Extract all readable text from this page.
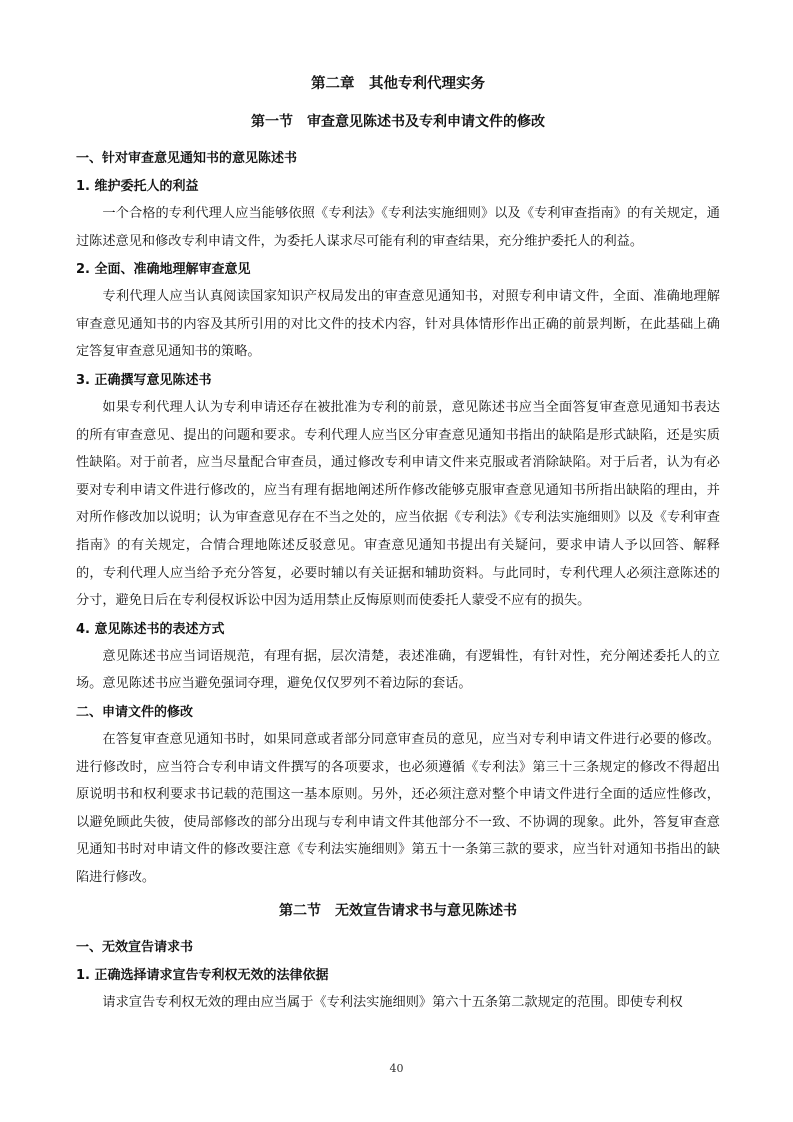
第二章　其他专利代理实务
第一节　审查意见陈述书及专利申请文件的修改
一、针对审查意见通知书的意见陈述书
1. 维护委托人的利益

一个合格的专利代理人应当能够依照《专利法》《专利法实施细则》以及《专利审查指南》的有关规定，通过陈述意见和修改专利申请文件，为委托人谋求尽可能有利的审查结果，充分维护委托人的利益。

2. 全面、准确地理解审查意见

专利代理人应当认真阅读国家知识产权局发出的审查意见通知书，对照专利申请文件，全面、准确地理解审查意见通知书的内容及其所引用的对比文件的技术内容，针对具体情形作出正确的前景判断，在此基础上确定答复审查意见通知书的策略。

3. 正确撰写意见陈述书

如果专利代理人认为专利申请还存在被批准为专利的前景，意见陈述书应当全面答复审查意见通知书表达的所有审查意见、提出的问题和要求。专利代理人应当区分审查意见通知书指出的缺陷是形式缺陷，还是实质性缺陷。对于前者，应当尽量配合审查员，通过修改专利申请文件来克服或者消除缺陷。对于后者，认为有必要对专利申请文件进行修改的，应当有理有据地阐述所作修改能够克服审查意见通知书所指出缺陷的理由，并对所作修改加以说明；认为审查意见存在不当之处的，应当依据《专利法》《专利法实施细则》以及《专利审查指南》的有关规定，合情合理地陈述反驳意见。审查意见通知书提出有关疑问，要求申请人予以回答、解释的，专利代理人应当给予充分答复，必要时辅以有关证据和辅助资料。与此同时，专利代理人必须注意陈述的分寸，避免日后在专利侵权诉讼中因为适用禁止反悔原则而使委托人蒙受不应有的损失。

4. 意见陈述书的表述方式

意见陈述书应当词语规范，有理有据，层次清楚，表述准确，有逻辑性，有针对性，充分阐述委托人的立场。意见陈述书应当避免强词夺理，避免仅仅罗列不着边际的套话。

二、申请文件的修改

在答复审查意见通知书时，如果同意或者部分同意审查员的意见，应当对专利申请文件进行必要的修改。进行修改时，应当符合专利申请文件撰写的各项要求，也必须遵循《专利法》第三十三条规定的修改不得超出原说明书和权利要求书记载的范围这一基本原则。另外，还必须注意对整个申请文件进行全面的适应性修改，以避免顾此失彼，使局部修改的部分出现与专利申请文件其他部分不一致、不协调的现象。此外，答复审查意见通知书时对申请文件的修改要注意《专利法实施细则》第五十一条第三款的要求，应当针对通知书指出的缺陷进行修改。

第二节　无效宣告请求书与意见陈述书
一、无效宣告请求书
1. 正确选择请求宣告专利权无效的法律依据

请求宣告专利权无效的理由应当属于《专利法实施细则》第六十五条第二款规定的范围。即使专利权

40
